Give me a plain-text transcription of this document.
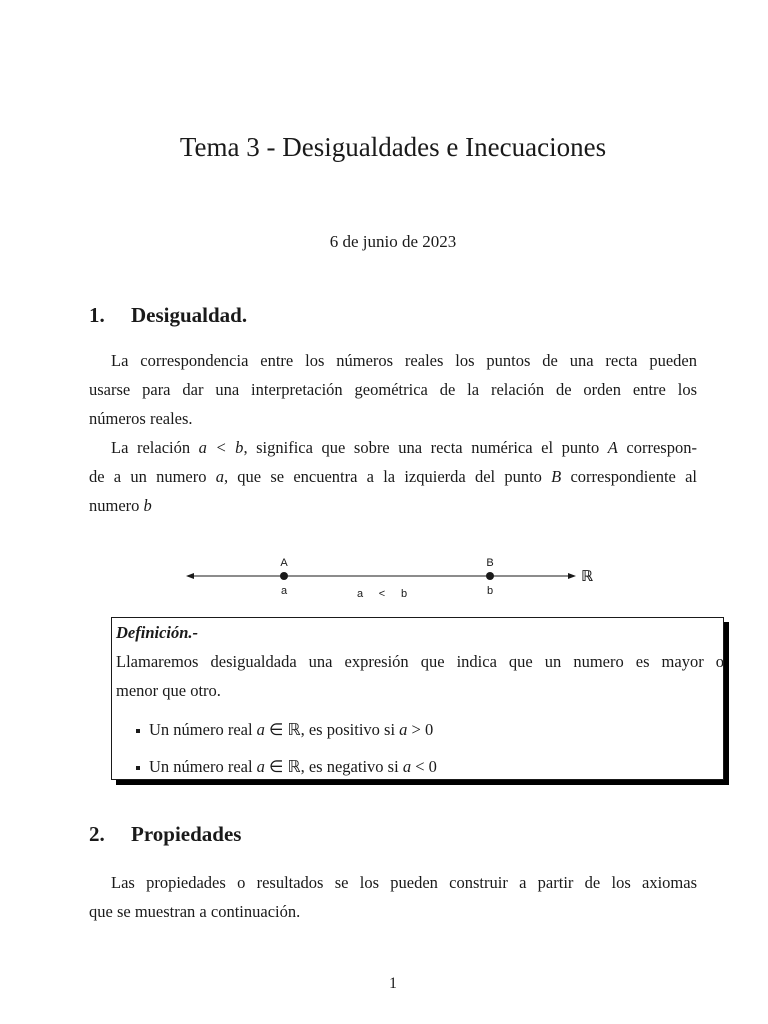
Tema 3 - Desigualdades e Inecuaciones
6 de junio de 2023
1. Desigualdad.
La correspondencia entre los números reales los puntos de una recta pueden
usarse para dar una interpretación geométrica de la relación de orden entre los
números reales.
La relación a < b, significa que sobre una recta numérica el punto A correspon-
de a un numero a, que se encuentra a la izquierda del punto B correspondiente al
numero b
A
a
B
b
a < b
ℝ
Definición.-
Llamaremos desigualdada una expresión que indica que un numero es mayor o
menor que otro.
Un número real a ∈ ℝ, es positivo si a > 0
Un número real a ∈ ℝ, es negativo si a < 0
2. Propiedades
Las propiedades o resultados se los pueden construir a partir de los axiomas
que se muestran a continuación.
1
